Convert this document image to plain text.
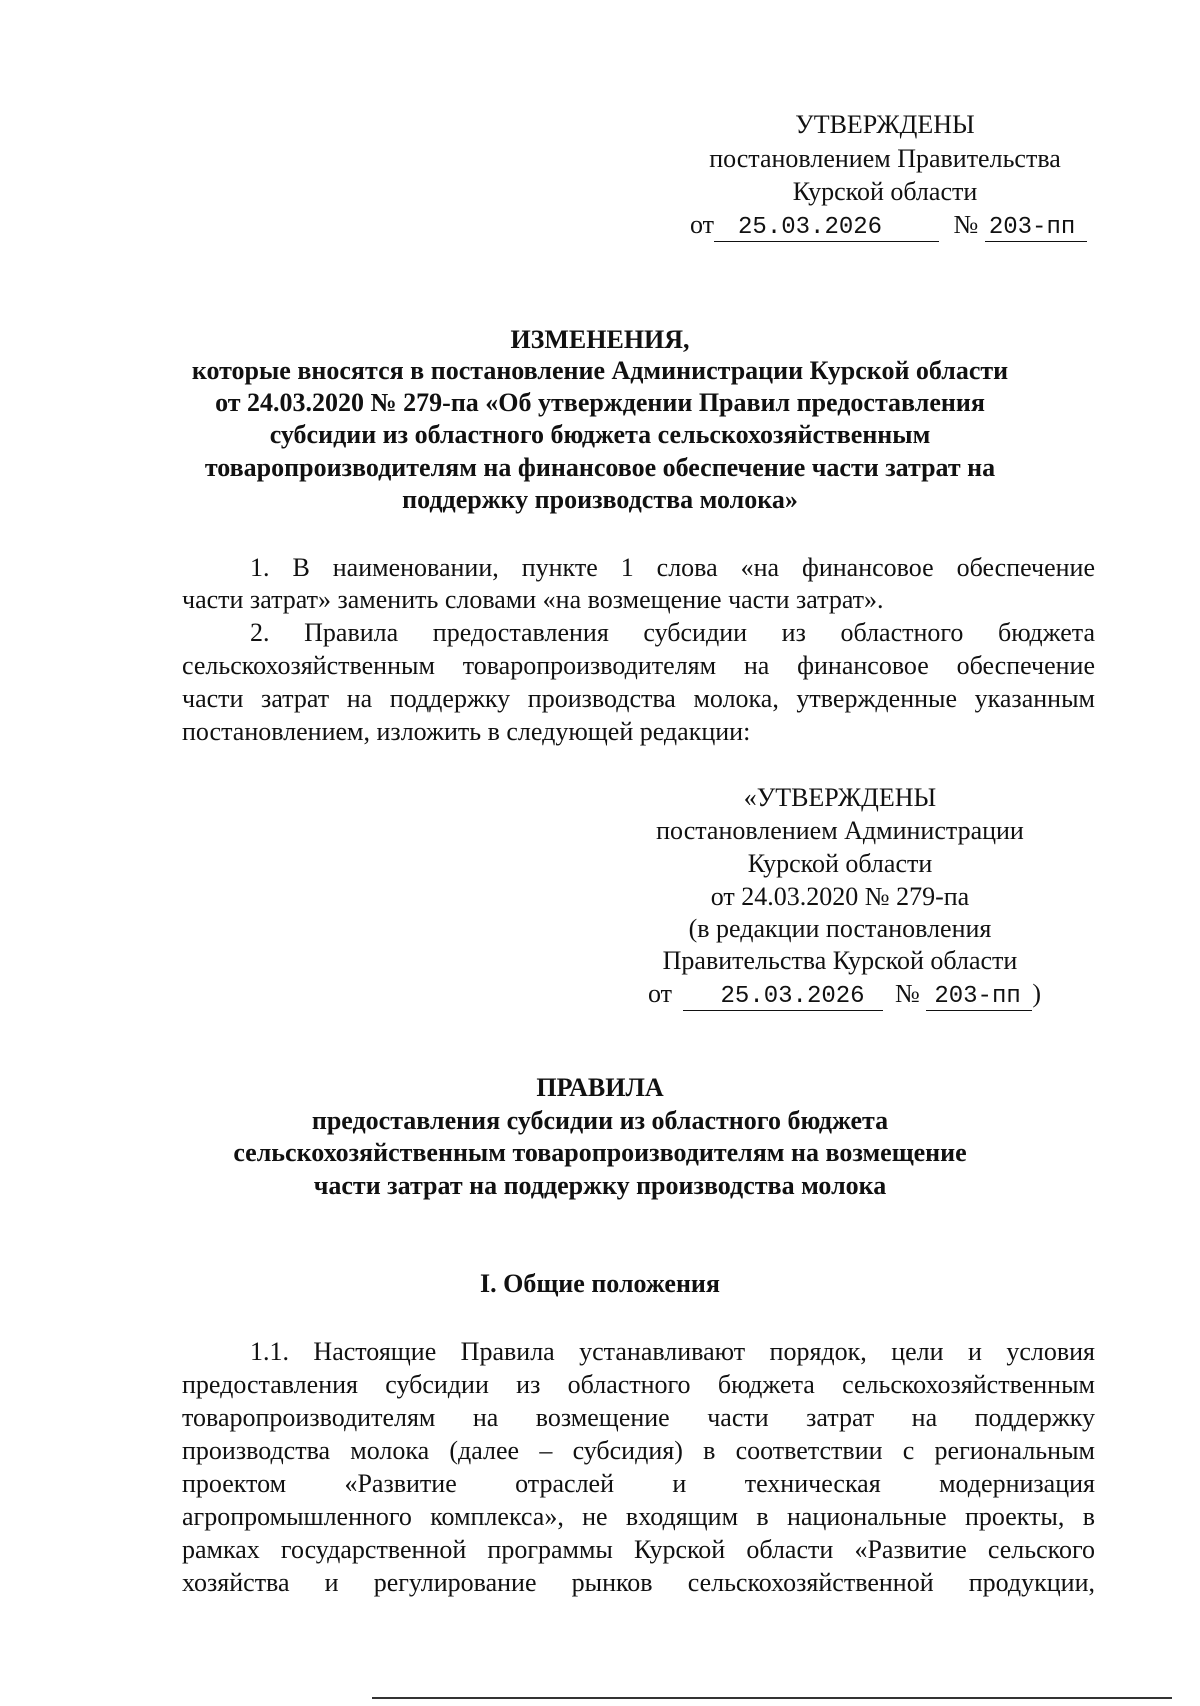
УТВЕРЖДЕНЫ
постановлением Правительства
Курской области
от 25.03.2026	№ 203-пп
ИЗМЕНЕНИЯ,
которые вносятся в постановление Администрации Курской области
от 24.03.2020 № 279-па «Об утверждении Правил предоставления
субсидии из областного бюджета сельскохозяйственным
товаропроизводителям на финансовое обеспечение части затрат на
поддержку производства молока»
1. В наименовании, пункте 1 слова «на финансовое обеспечение
части затрат» заменить словами «на возмещение части затрат».
2. Правила предоставления субсидии из областного бюджета
сельскохозяйственным товаропроизводителям на финансовое обеспечение
части затрат на поддержку производства молока, утвержденные указанным
постановлением, изложить в следующей редакции:
«УТВЕРЖДЕНЫ
постановлением Администрации
Курской области
от 24.03.2020 № 279-па
(в редакции постановления
Правительства Курской области
от 25.03.2026 № 203-пп )
ПРАВИЛА
предоставления субсидии из областного бюджета
сельскохозяйственным товаропроизводителям на возмещение
части затрат на поддержку производства молока
I. Общие положения
1.1. Настоящие Правила устанавливают порядок, цели и условия
предоставления субсидии из областного бюджета сельскохозяйственным
товаропроизводителям на возмещение части затрат на поддержку
производства молока (далее – субсидия) в соответствии с региональным
проектом «Развитие отраслей и техническая модернизация
агропромышленного комплекса», не входящим в национальные проекты, в
рамках государственной программы Курской области «Развитие сельского
хозяйства и регулирование рынков сельскохозяйственной продукции,
